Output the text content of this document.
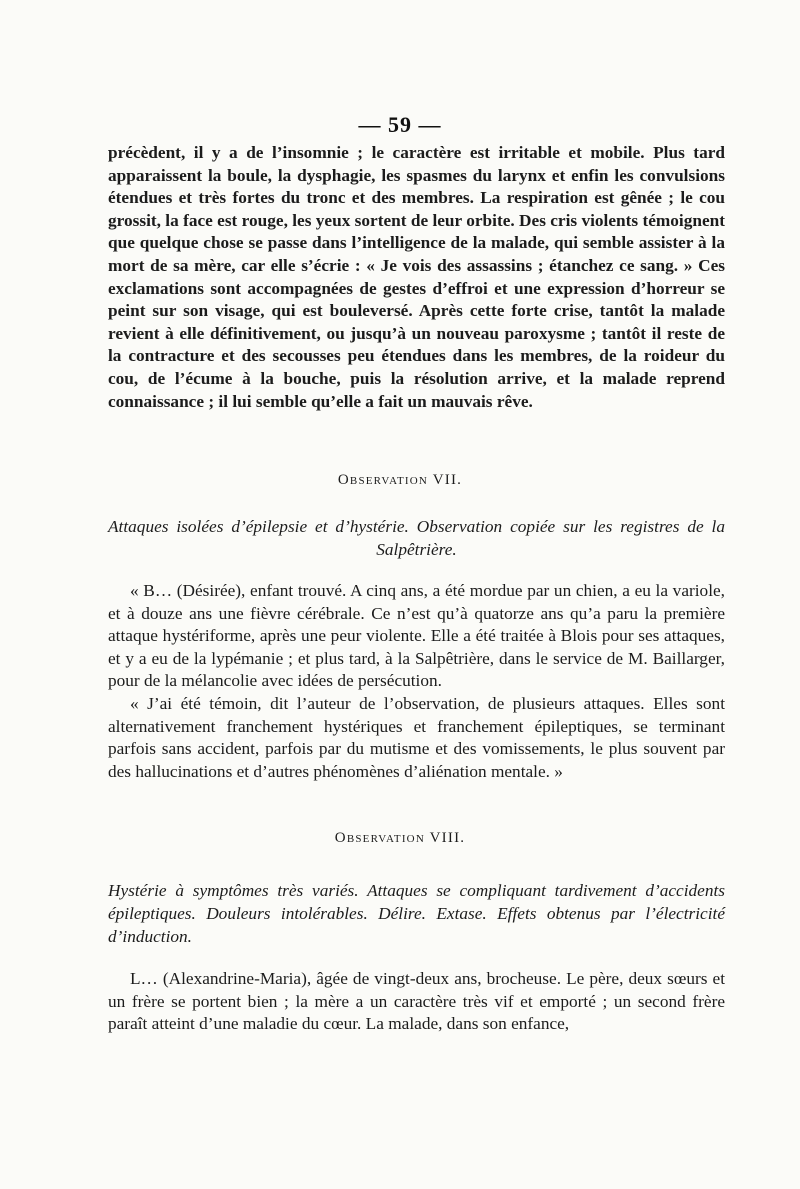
— 59 —

précèdent, il y a de l’insomnie ; le caractère est irritable et mobile. Plus tard apparaissent la boule, la dysphagie, les spasmes du larynx et enfin les convulsions étendues et très fortes du tronc et des membres. La respiration est gênée ; le cou grossit, la face est rouge, les yeux sortent de leur orbite. Des cris violents témoignent que quelque chose se passe dans l’intelligence de la malade, qui semble assister à la mort de sa mère, car elle s’écrie : « Je vois des assassins ; étanchez ce sang. » Ces exclamations sont accompagnées de gestes d’effroi et une expression d’horreur se peint sur son visage, qui est bouleversé. Après cette forte crise, tantôt la malade revient à elle définitivement, ou jusqu’à un nouveau paroxysme ; tantôt il reste de la contracture et des secousses peu étendues dans les membres, de la roideur du cou, de l’écume à la bouche, puis la résolution arrive, et la malade reprend connaissance ; il lui semble qu’elle a fait un mauvais rêve.

Observation VII.
Attaques isolées d’épilepsie et d’hystérie. Observation copiée sur les registres de la Salpêtrière.

« B… (Désirée), enfant trouvé. A cinq ans, a été mordue par un chien, a eu la variole, et à douze ans une fièvre cérébrale. Ce n’est qu’à quatorze ans qu’a paru la première attaque hystériforme, après une peur violente. Elle a été traitée à Blois pour ses attaques, et y a eu de la lypémanie ; et plus tard, à la Salpêtrière, dans le service de M. Baillarger, pour de la mélancolie avec idées de persécution.

« J’ai été témoin, dit l’auteur de l’observation, de plusieurs attaques. Elles sont alternativement franchement hystériques et franchement épileptiques, se terminant parfois sans accident, parfois par du mutisme et des vomissements, le plus souvent par des hallucinations et d’autres phénomènes d’aliénation mentale. »

Observation VIII.
Hystérie à symptômes très variés. Attaques se compliquant tardivement d’accidents épileptiques. Douleurs intolérables. Délire. Extase. Effets obtenus par l’électricité d’induction.

L… (Alexandrine-Maria), âgée de vingt-deux ans, brocheuse. Le père, deux sœurs et un frère se portent bien ; la mère a un caractère très vif et emporté ; un second frère paraît atteint d’une maladie du cœur. La malade, dans son enfance,
